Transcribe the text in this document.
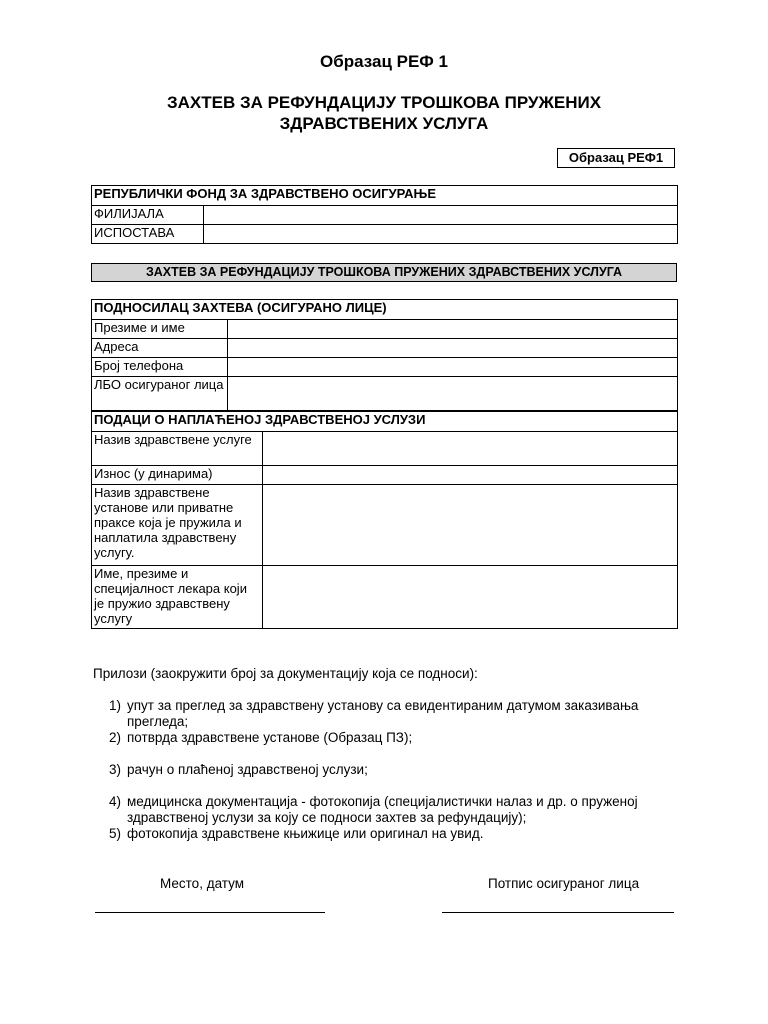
Образац РЕФ 1
ЗАХТЕВ ЗА РЕФУНДАЦИЈУ ТРОШКОВА ПРУЖЕНИХ
ЗДРАВСТВЕНИХ УСЛУГА
Образац РЕФ1
РЕПУБЛИЧКИ ФОНД ЗА ЗДРАВСТВЕНО ОСИГУРАЊЕ	
ФИЛИЈАЛА	
ИСПОСТАВА	
ЗАХТЕВ ЗА РЕФУНДАЦИЈУ ТРОШКОВА ПРУЖЕНИХ ЗДРАВСТВЕНИХ УСЛУГА
ПОДНОСИЛАЦ ЗАХТЕВА (ОСИГУРАНО ЛИЦЕ)	
Презиме и име	
Адреса	
Број телефона	
ЛБО осигураног лица	
ПОДАЦИ О НАПЛАЋЕНОЈ ЗДРАВСТВЕНОЈ УСЛУЗИ	
Назив здравствене услуге	
Износ (у динарима)	
Назив здравствене установе или приватне праксе која је пружила и наплатила здравствену услугу.	
Име, презиме и специјалност лекара који је пружио здравствену услугу	
Прилози (заокружити број за документацију која се подноси):
1) упут за преглед за здравствену установу са евидентираним датумом заказивања прегледа;
2) потврда здравствене установе (Образац ПЗ);
3) рачун о плаћеној здравственој услузи;
4) медицинска документација - фотокопија (специјалистички налаз и др. о пруженој здравственој услузи за коју се подноси захтев за рефундацију);
5) фотокопија здравствене књижице или оригинал на увид.
Место, датум	Потпис осигураног лица
